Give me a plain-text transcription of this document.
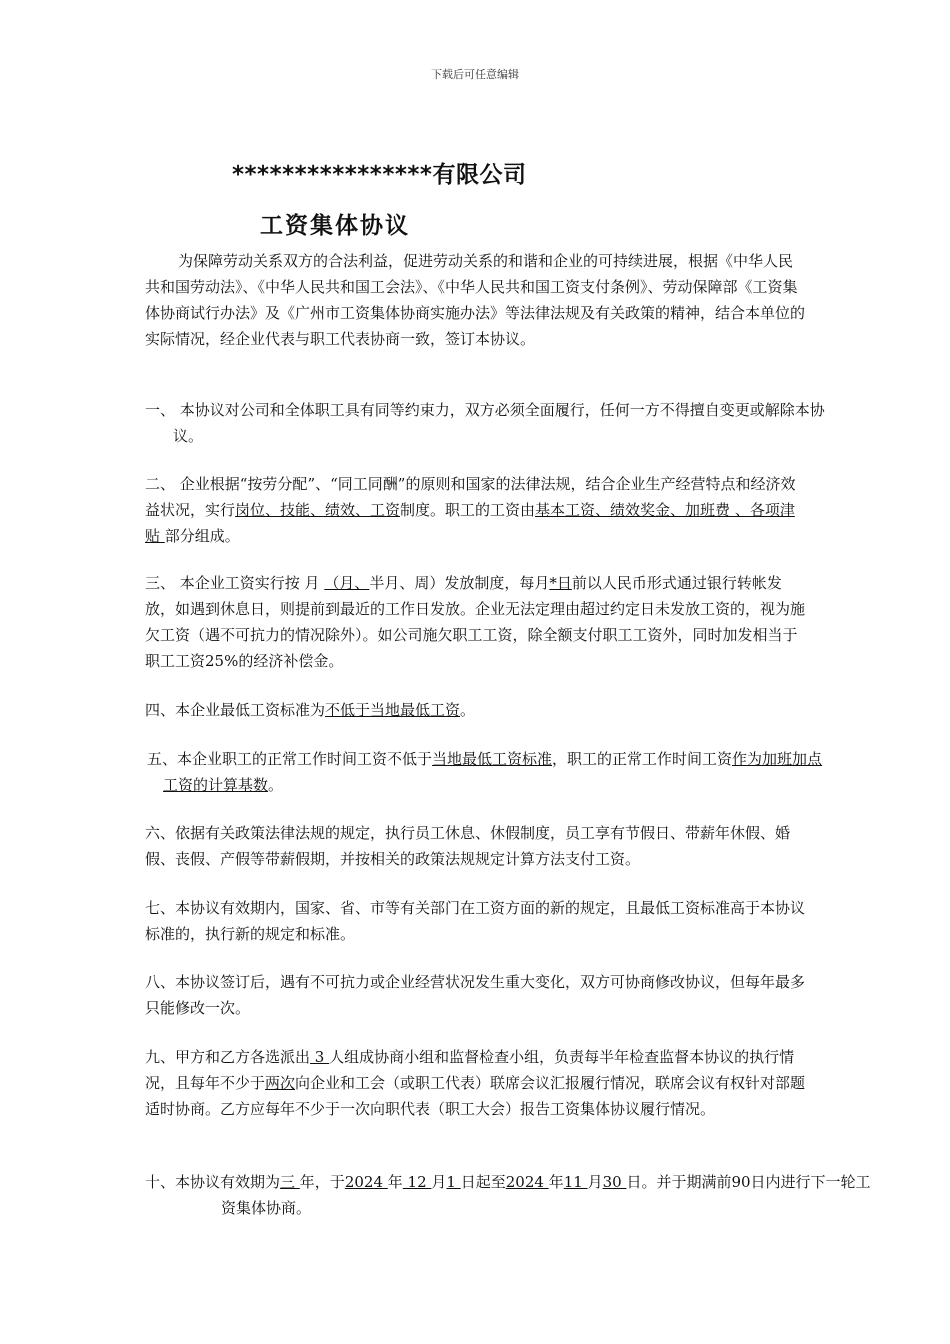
下载后可任意编辑
****************有限公司
工资集体协议
为保障劳动关系双方的合法利益，促进劳动关系的和谐和企业的可持续进展，根据《中华人民共和国劳动法》、《中华人民共和国工会法》、《中华人民共和国工资支付条例》、劳动保障部《工资集体协商试行办法》及《广州市工资集体协商实施办法》等法律法规及有关政策的精神，结合本单位的实际情况，经企业代表与职工代表协商一致，签订本协议。
一、 本协议对公司和全体职工具有同等约束力，双方必须全面履行，任何一方不得擅自变更或解除本协议。
二、 企业根据“按劳分配”、“同工同酬”的原则和国家的法律法规，结合企业生产经营特点和经济效益状况，实行岗位、技能、绩效、工资制度。职工的工资由基本工资、绩效奖金、加班费 、各项津贴 部分组成。
三、 本企业工资实行按 月 （月、半月、周）发放制度，每月*日前以人民币形式通过银行转帐发放，如遇到休息日，则提前到最近的工作日发放。企业无法定理由超过约定日未发放工资的，视为施欠工资（遇不可抗力的情况除外）。如公司施欠职工工资，除全额支付职工工资外，同时加发相当于职工工资25%的经济补偿金。
四、本企业最低工资标准为不低于当地最低工资。
五、本企业职工的正常工作时间工资不低于当地最低工资标准，职工的正常工作时间工资作为加班加点工资的计算基数。
六、依据有关政策法律法规的规定，执行员工休息、休假制度，员工享有节假日、带薪年休假、婚假、丧假、产假等带薪假期，并按相关的政策法规规定计算方法支付工资。
七、本协议有效期内，国家、省、市等有关部门在工资方面的新的规定，且最低工资标准高于本协议标准的，执行新的规定和标准。
八、本协议签订后，遇有不可抗力或企业经营状况发生重大变化，双方可协商修改协议，但每年最多只能修改一次。
九、甲方和乙方各选派出 3 人组成协商小组和监督检查小组，负责每半年检查监督本协议的执行情况，且每年不少于两次向企业和工会（或职工代表）联席会议汇报履行情况，联席会议有权针对部题适时协商。乙方应每年不少于一次向职代表（职工大会）报告工资集体协议履行情况。
十、本协议有效期为三 年，于2024 年 12 月1 日起至2024 年11 月30 日。并于期满前90日内进行下一轮工资集体协商。
